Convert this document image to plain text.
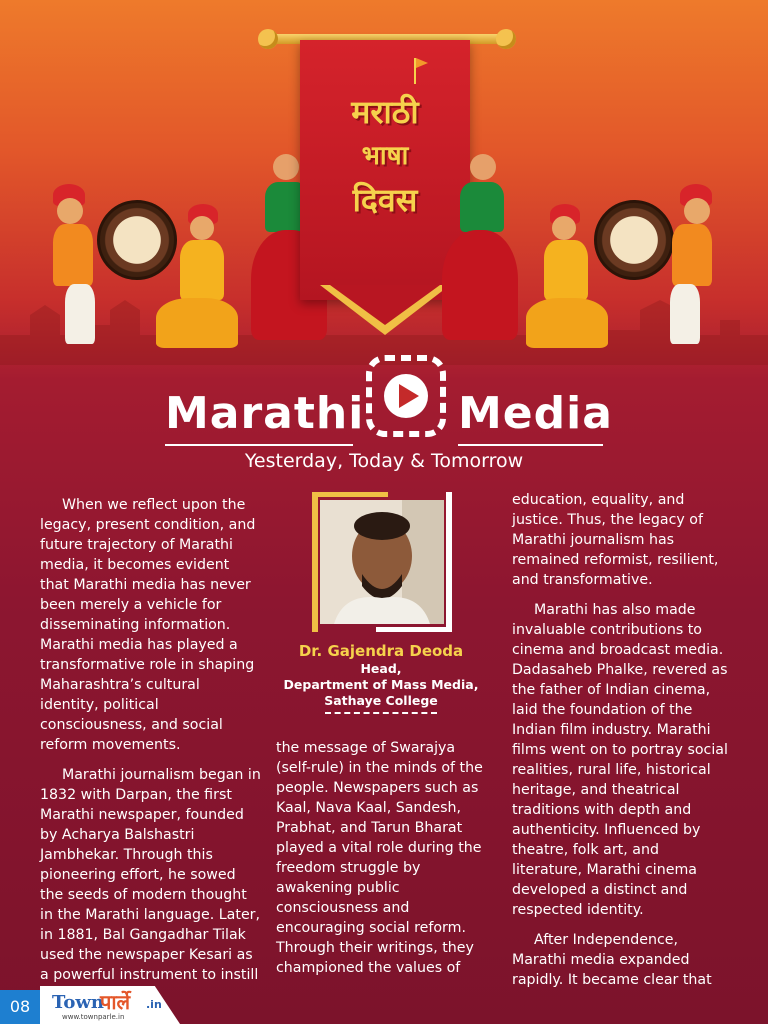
मराठी
भाषा
दिवस
Marathi Media
Yesterday, Today & Tomorrow

When we reflect upon the legacy, present condition, and future trajectory of Marathi media, it becomes evident that Marathi media has never been merely a vehicle for disseminating information. Marathi media has played a transformative role in shaping Maharashtra’s cultural identity, political consciousness, and social reform movements.

Marathi journalism began in 1832 with Darpan, the first Marathi newspaper, founded by Acharya Balshastri Jambhekar. Through this pioneering effort, he sowed the seeds of modern thought in the Marathi language. Later, in 1881, Bal Gangadhar Tilak used the newspaper Kesari as a powerful instrument to instill

Dr. Gajendra Deoda
Head,
Department of Mass Media,
Sathaye College

the message of Swarajya (self-rule) in the minds of the people. Newspapers such as Kaal, Nava Kaal, Sandesh, Prabhat, and Tarun Bharat played a vital role during the freedom struggle by awakening public consciousness and encouraging social reform. Through their writings, they championed the values of

education, equality, and justice. Thus, the legacy of Marathi journalism has remained reformist, resilient, and transformative.

Marathi has also made invaluable contributions to cinema and broadcast media. Dadasaheb Phalke, revered as the father of Indian cinema, laid the foundation of the Indian film industry. Marathi films went on to portray social realities, rural life, historical heritage, and theatrical traditions with depth and authenticity. Influenced by theatre, folk art, and literature, Marathi cinema developed a distinct and respected identity.

After Independence, Marathi media expanded rapidly. It became clear that

08	Town
पार्ले .in
www.townparle.in
